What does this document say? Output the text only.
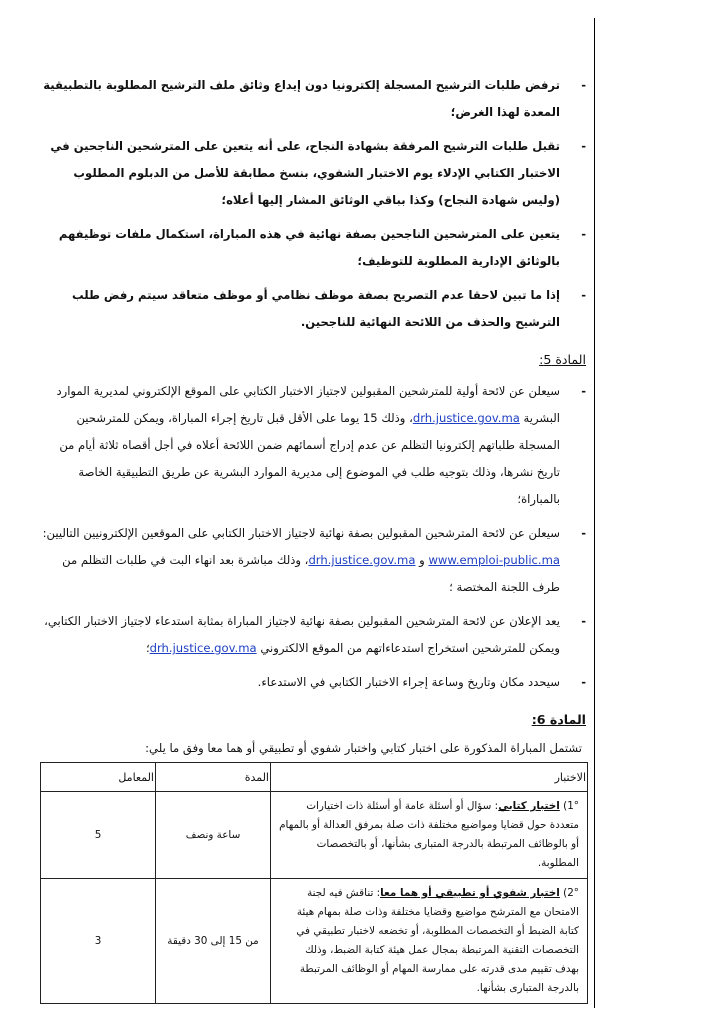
- ترفض طلبات الترشيح المسجلة إلكترونيا دون إيداع وثائق ملف الترشيح المطلوبة بالتطبيقية المعدة لهذا الغرض؛

- تقبل طلبات الترشيح المرفقة بشهادة النجاح، على أنه يتعين على المترشحين الناجحين في الاختبار الكتابي الإدلاء يوم الاختبار الشفوي، بنسخ مطابقة للأصل من الدبلوم المطلوب (وليس شهادة النجاح) وكذا بباقي الوثائق المشار إليها أعلاه؛

- يتعين على المترشحين الناجحين بصفة نهائية في هذه المباراة، استكمال ملفات توظيفهم بالوثائق الإدارية المطلوبة للتوظيف؛

- إذا ما تبين لاحقا عدم التصريح بصفة موظف نظامي أو موظف متعاقد سيتم رفض طلب الترشيح والحذف من اللائحة النهائية للناجحين.

المادة 5:

- سيعلن عن لائحة أولية للمترشحين المقبولين لاجتياز الاختبار الكتابي على الموقع الإلكتروني لمديرية الموارد البشرية drh.justice.gov.ma، وذلك 15 يوما على الأقل قبل تاريخ إجراء المباراة، ويمكن للمترشحين المسجلة طلباتهم إلكترونيا التظلم عن عدم إدراج أسمائهم ضمن اللائحة أعلاه في أجل أقصاه ثلاثة أيام من تاريخ نشرها، وذلك بتوجيه طلب في الموضوع إلى مديرية الموارد البشرية عن طريق التطبيقية الخاصة بالمباراة؛

- سيعلن عن لائحة المترشحين المقبولين بصفة نهائية لاجتياز الاختبار الكتابي على الموقعين الإلكترونيين التاليين: www.emploi-public.ma و drh.justice.gov.ma، وذلك مباشرة بعد انهاء البت في طلبات التظلم من طرف اللجنة المختصة ؛

- يعد الإعلان عن لائحة المترشحين المقبولين بصفة نهائية لاجتياز المباراة بمثابة استدعاء لاجتياز الاختبار الكتابي، ويمكن للمترشحين استخراج استدعاءاتهم من الموقع الالكتروني drh.justice.gov.ma؛

- سيحدد مكان وتاريخ وساعة إجراء الاختبار الكتابي في الاستدعاء.

المادة 6:

تشتمل المباراة المذكورة على اختبار كتابي واختبار شفوي أو تطبيقي أو هما معا وفق ما يلي:

الاختبار	المدة	المعامل
1°) اختبار كتابي: سؤال أو أسئلة عامة أو أسئلة ذات اختيارات متعددة حول قضايا ومواضيع مختلفة ذات صلة بمرفق العدالة أو بالمهام أو بالوظائف المرتبطة بالدرجة المتبارى بشأنها، أو بالتخصصات المطلوبة.	ساعة ونصف	5
2°) اختبار شفوي أو تطبيقي أو هما معا: تناقش فيه لجنة الامتحان مع المترشح مواضيع وقضايا مختلفة وذات صلة بمهام هيئة كتابة الضبط أو التخصصات المطلوبة، أو تخضعه لاختبار تطبيقي في التخصصات التقنية المرتبطة بمجال عمل هيئة كتابة الضبط، وذلك بهدف تقييم مدى قدرته على ممارسة المهام أو الوظائف المرتبطة بالدرجة المتبارى بشأنها.	من 15 إلى 30 دقيقة	3
